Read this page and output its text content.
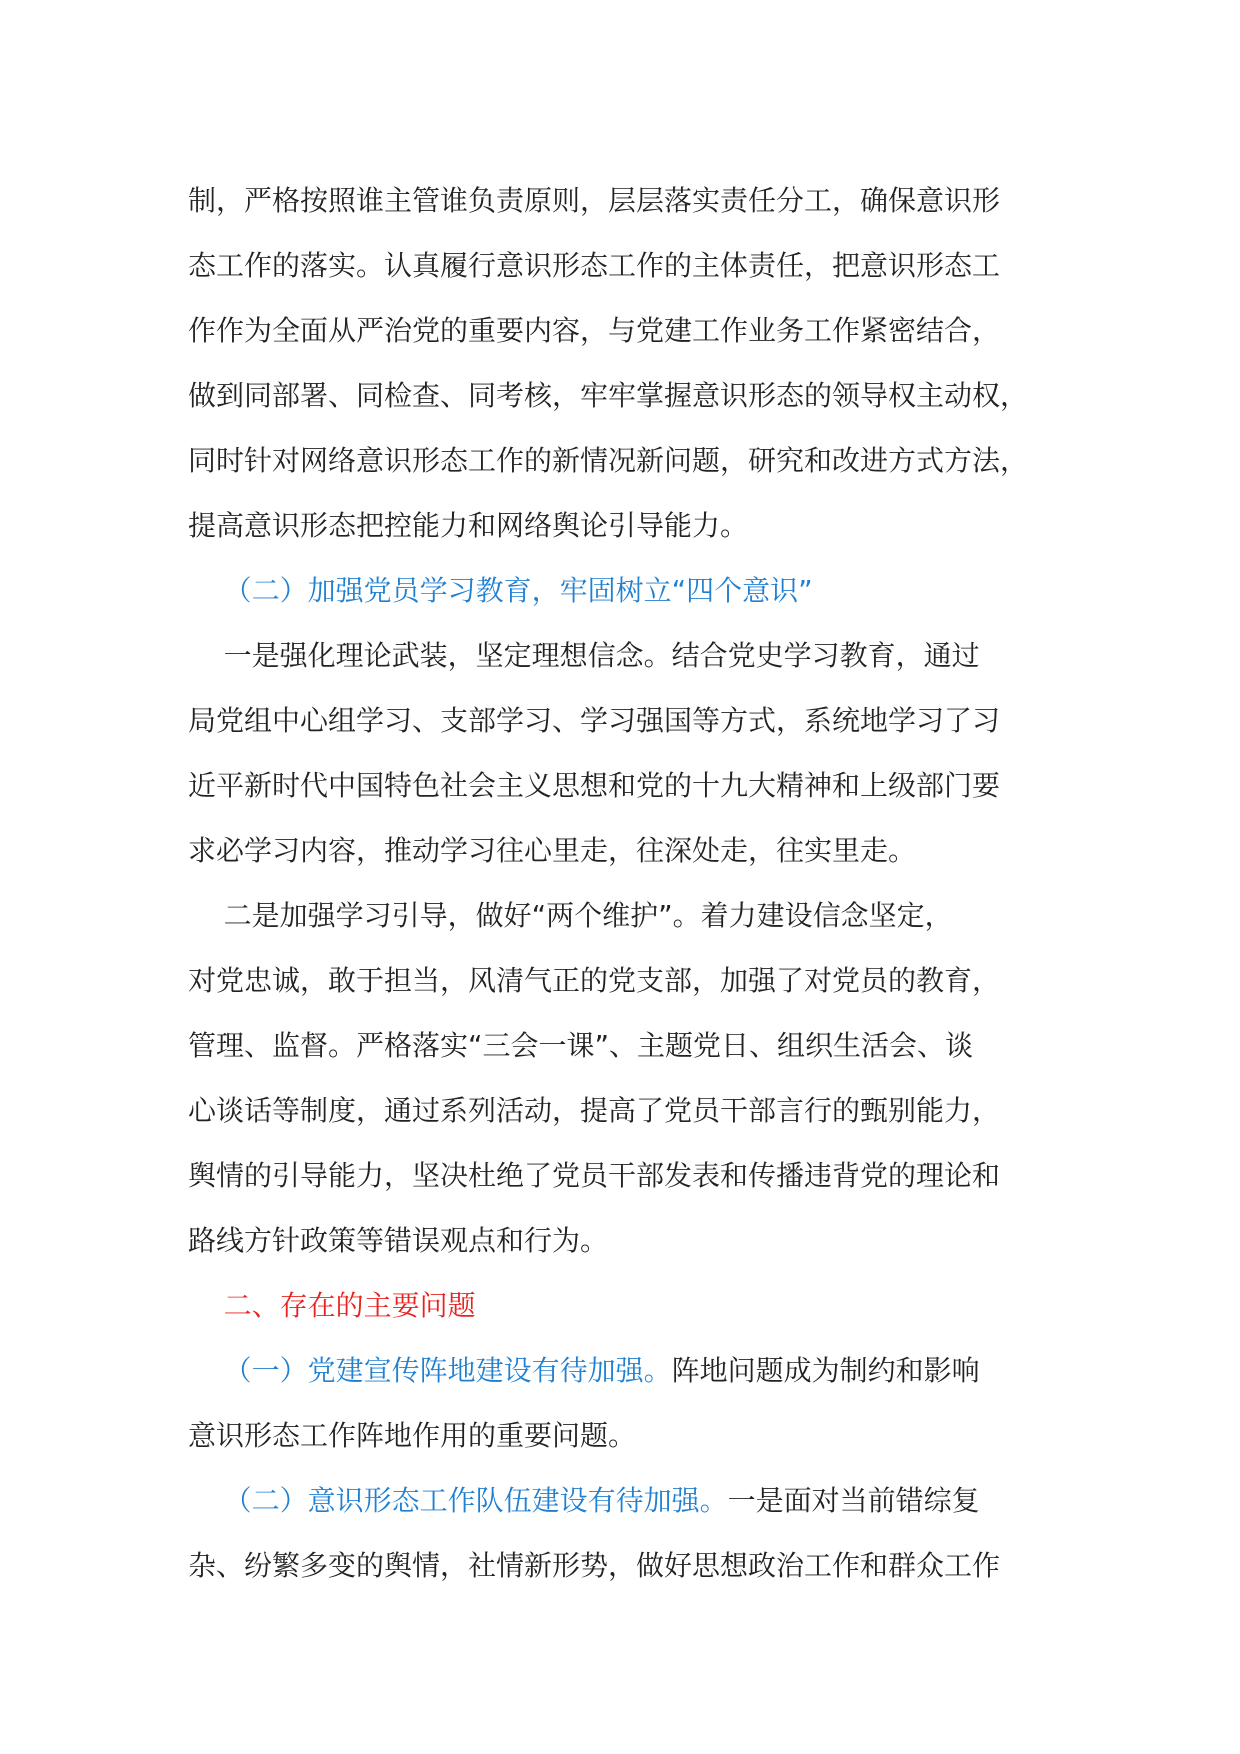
制，严格按照谁主管谁负责原则，层层落实责任分工，确保意识形
态工作的落实。认真履行意识形态工作的主体责任，把意识形态工
作作为全面从严治党的重要内容，与党建工作业务工作紧密结合，
做到同部署、同检查、同考核，牢牢掌握意识形态的领导权主动权，
同时针对网络意识形态工作的新情况新问题，研究和改进方式方法，
提高意识形态把控能力和网络舆论引导能力。
（二）加强党员学习教育，牢固树立“四个意识”
一是强化理论武装，坚定理想信念。结合党史学习教育，通过
局党组中心组学习、支部学习、学习强国等方式，系统地学习了习
近平新时代中国特色社会主义思想和党的十九大精神和上级部门要
求必学习内容，推动学习往心里走，往深处走，往实里走。
二是加强学习引导，做好“两个维护”。着力建设信念坚定，
对党忠诚，敢于担当，风清气正的党支部，加强了对党员的教育，
管理、监督。严格落实“三会一课”、主题党日、组织生活会、谈
心谈话等制度，通过系列活动，提高了党员干部言行的甄别能力，
舆情的引导能力，坚决杜绝了党员干部发表和传播违背党的理论和
路线方针政策等错误观点和行为。
二、存在的主要问题
（一）党建宣传阵地建设有待加强。阵地问题成为制约和影响
意识形态工作阵地作用的重要问题。
（二）意识形态工作队伍建设有待加强。一是面对当前错综复
杂、纷繁多变的舆情，社情新形势，做好思想政治工作和群众工作
